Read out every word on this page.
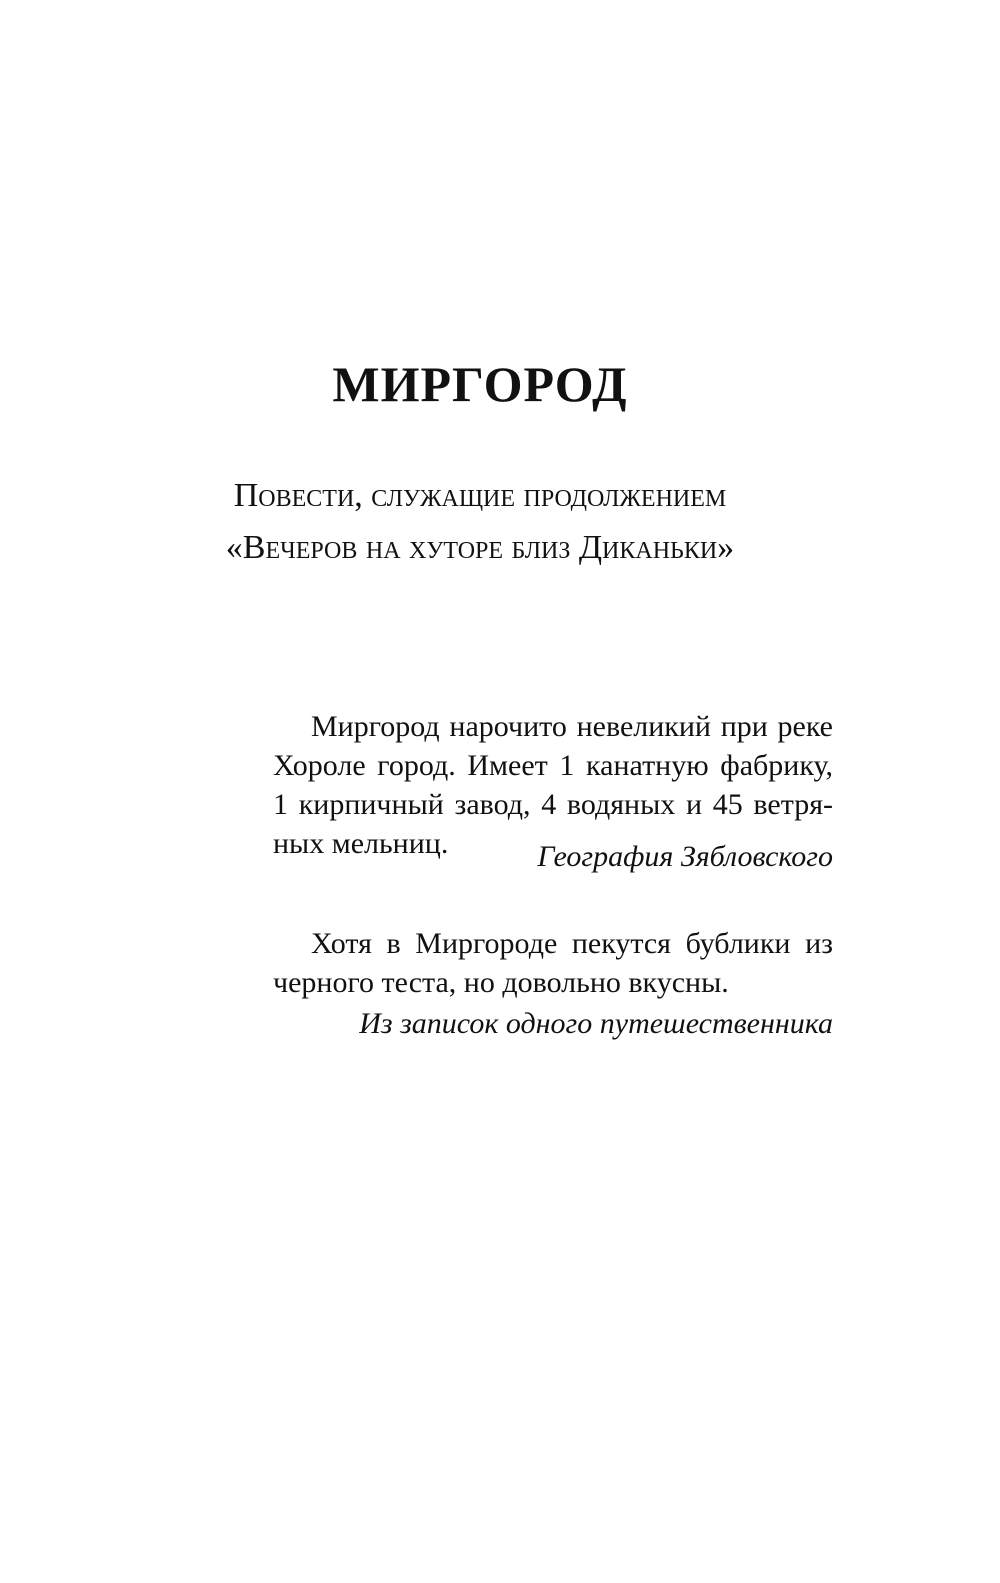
МИРГОРОД
Повести, служащие продолжением
«Вечеров на хуторе близ Диканьки»
Миргород нарочито невеликий при реке
Хороле город. Имеет 1 канатную фабрику,
1 кирпичный завод, 4 водяных и 45 ветря-
ных мельниц.	География Зябловского
Хотя в Миргороде пекутся бублики из
черного теста, но довольно вкусны.
Из записок одного путешественника
